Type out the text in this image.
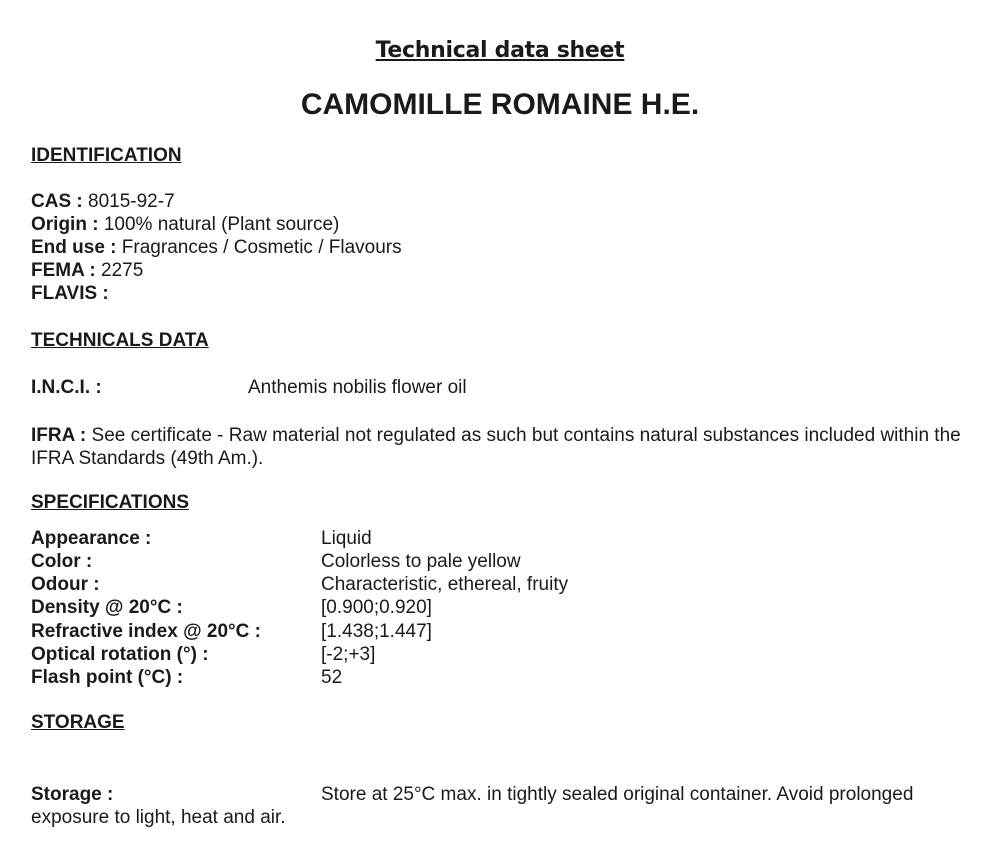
Technical data sheet
CAMOMILLE ROMAINE H.E.
IDENTIFICATION
CAS : 8015-92-7
Origin : 100% natural (Plant source)
End use : Fragrances / Cosmetic / Flavours
FEMA : 2275
FLAVIS :
TECHNICALS DATA
I.N.C.I. :	Anthemis nobilis flower oil
IFRA : See certificate - Raw material not regulated as such but contains natural substances included within the IFRA Standards (49th Am.).
SPECIFICATIONS
Appearance :	Liquid
Color :	Colorless to pale yellow
Odour :	Characteristic, ethereal, fruity
Density @ 20°C :	[0.900;0.920]
Refractive index @ 20°C :	[1.438;1.447]
Optical rotation (°) :	[-2;+3]
Flash point (°C) :	52
STORAGE
Storage :	Store at 25°C max. in tightly sealed original container. Avoid prolonged
exposure to light, heat and air.
